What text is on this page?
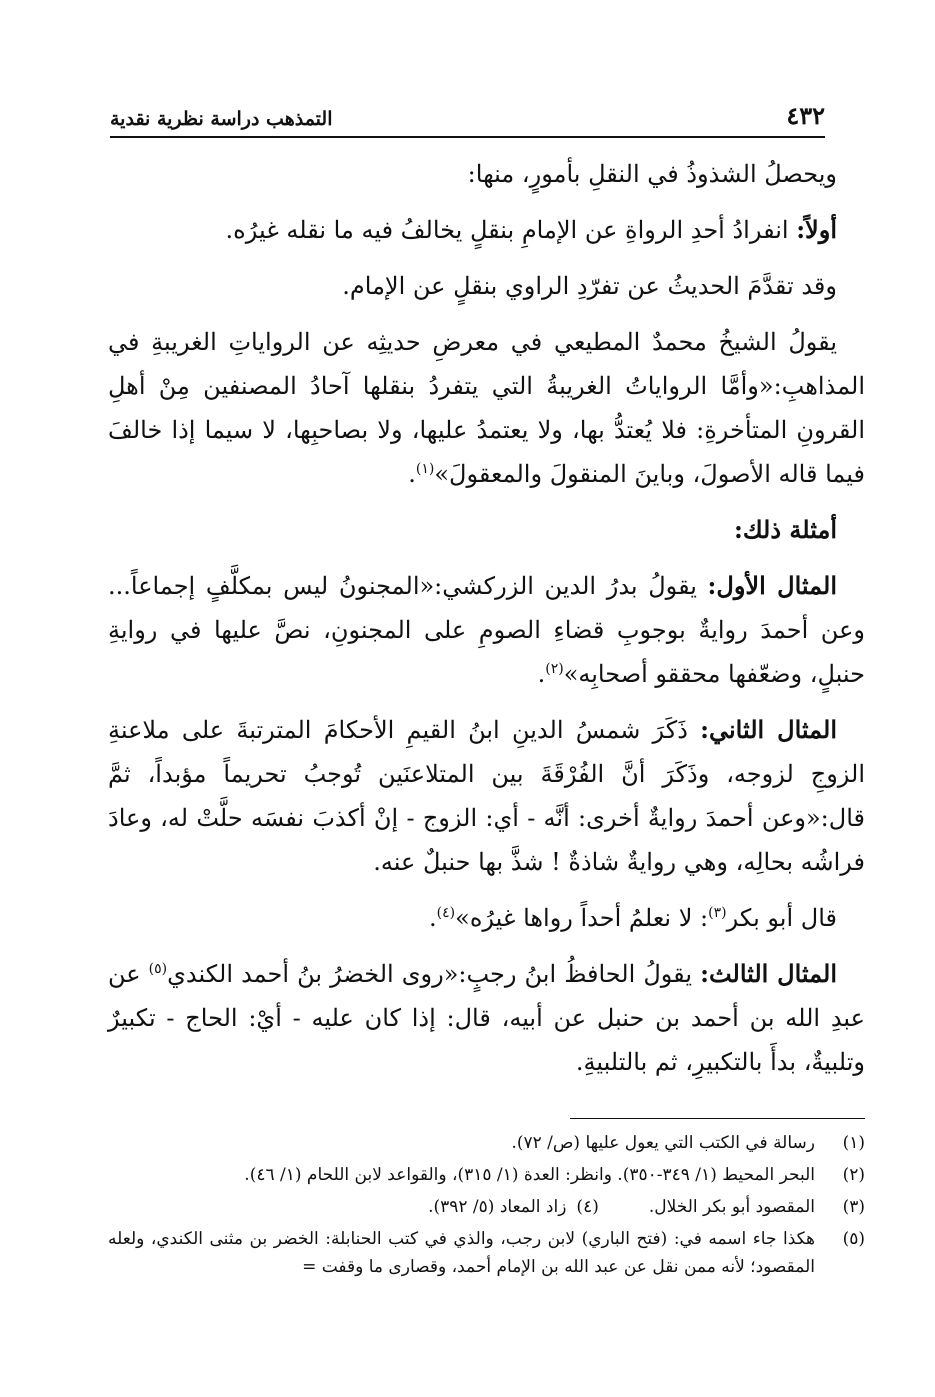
٤٣٢
التمذهب دراسة نظرية نقدية

ويحصلُ الشذوذُ في النقلِ بأمورٍ، منها:

أولاً: انفرادُ أحدِ الرواةِ عن الإمامِ بنقلٍ يخالفُ فيه ما نقله غيرُه.

وقد تقدَّمَ الحديثُ عن تفرّدِ الراوي بنقلٍ عن الإمام.

يقولُ الشيخُ محمدٌ المطيعي في معرضِ حديثِه عن الرواياتِ الغريبةِ في المذاهبِ:«وأمَّا الرواياتُ الغريبةُ التي يتفردُ بنقلها آحادُ المصنفين مِنْ أهلِ القرونِ المتأخرةِ: فلا يُعتدُّ بها، ولا يعتمدُ عليها، ولا بصاحبِها، لا سيما إذا خالفَ فيما قاله الأصولَ، وباينَ المنقولَ والمعقولَ»$^{(١)}$.

أمثلة ذلك:

المثال الأول: يقولُ بدرُ الدين الزركشي:«المجنونُ ليس بمكلَّفٍ إجماعاً... وعن أحمدَ روايةٌ بوجوبِ قضاءِ الصومِ على المجنونِ، نصَّ عليها في روايةِ حنبلٍ، وضعّفها محققو أصحابِه»$^{(٢)}$.

المثال الثاني: ذَكَرَ شمسُ الدينِ ابنُ القيمِ الأحكامَ المترتبةَ على ملاعنةِ الزوجِ لزوجه، وذَكَرَ أنَّ الفُرْقَةَ بين المتلاعنَين تُوجبُ تحريماً مؤبداً، ثمَّ قال:«وعن أحمدَ روايةٌ أخرى: أنَّه - أي: الزوج - إنْ أكذبَ نفسَه حلَّتْ له، وعادَ فراشُه بحالِه، وهي روايةٌ شاذةٌ ! شذَّ بها حنبلٌ عنه.

قال أبو بكر$^{(٣)}$: لا نعلمُ أحداً رواها غيرُه»$^{(٤)}$.

المثال الثالث: يقولُ الحافظُ ابنُ رجبٍ:«روى الخضرُ بنُ أحمد الكندي$^{(٥)}$ عن عبدِ الله بن أحمد بن حنبل عن أبيه، قال: إذا كان عليه - أيْ: الحاج - تكبيرٌ وتلبيةٌ، بدأَ بالتكبيرِ، ثم بالتلبيةِ.

(١)
رسالة في الكتب التي يعول عليها (ص/ ٧٢).
(٢)
البحر المحيط (١/ ٣٤٩-٣٥٠). وانظر: العدة (١/ ٣١٥)، والقواعد لابن اللحام (١/ ٤٦).
(٣)
المقصود أبو بكر الخلال.
(٤)
زاد المعاد (٥/ ٣٩٢).
(٥)
هكذا جاء اسمه في: (فتح الباري) لابن رجب، والذي في كتب الحنابلة: الخضر بن مثنى الكندي، ولعله المقصود؛ لأنه ممن نقل عن عبد الله بن الإمام أحمد، وقصارى ما وقفت =
